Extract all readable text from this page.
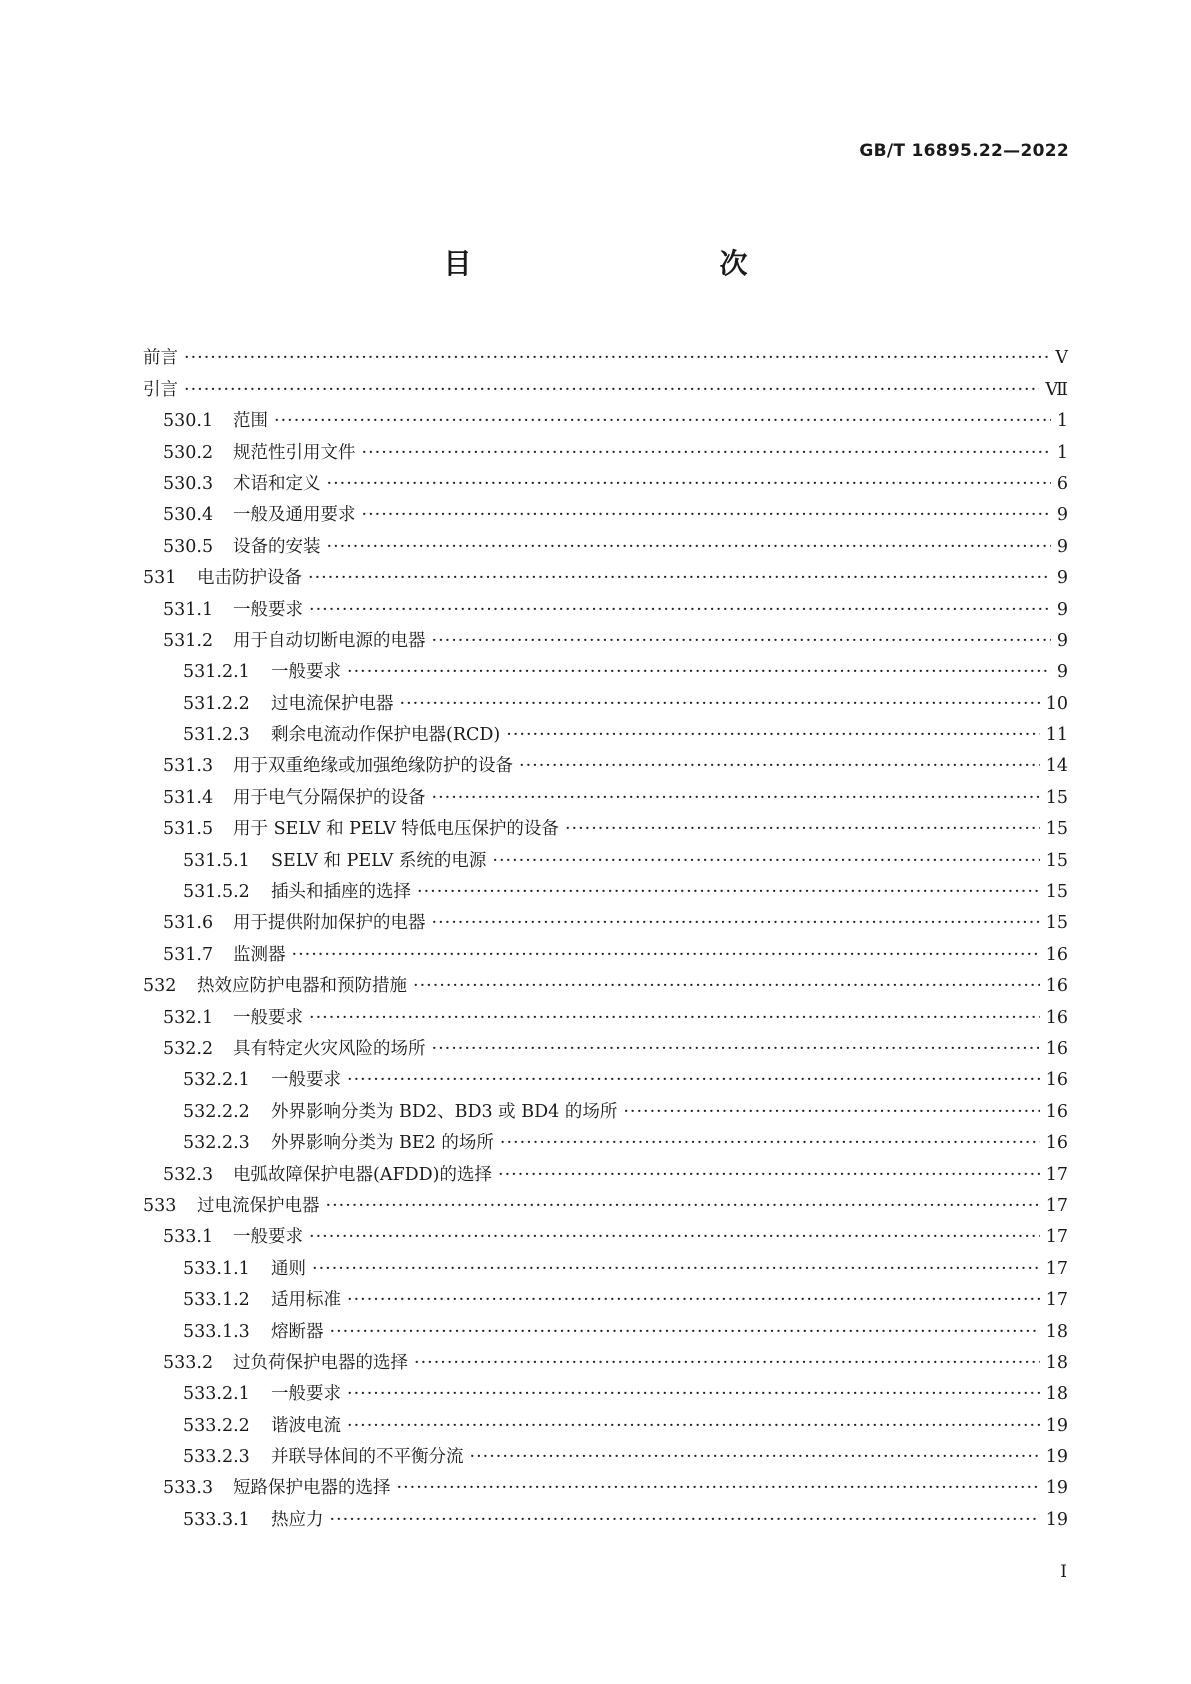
GB/T 16895.22—2022
目　　次
前言 ·····	Ⅴ
引言 ·····	Ⅶ
530.1	范围 ·····	1
530.2	规范性引用文件 ·····	1
530.3	术语和定义 ·····	6
530.4	一般及通用要求 ·····	9
530.5	设备的安装 ·····	9
531	电击防护设备 ·····	9
531.1	一般要求 ·····	9
531.2	用于自动切断电源的电器 ·····	9
531.2.1	一般要求 ·····	9
531.2.2	过电流保护电器 ·····	10
531.2.3	剩余电流动作保护电器(RCD) ·····	11
531.3	用于双重绝缘或加强绝缘防护的设备 ·····	14
531.4	用于电气分隔保护的设备 ·····	15
531.5	用于 SELV 和 PELV 特低电压保护的设备 ·····	15
531.5.1	SELV 和 PELV 系统的电源 ·····	15
531.5.2	插头和插座的选择 ·····	15
531.6	用于提供附加保护的电器 ·····	15
531.7	监测器 ·····	16
532	热效应防护电器和预防措施 ·····	16
532.1	一般要求 ·····	16
532.2	具有特定火灾风险的场所 ·····	16
532.2.1	一般要求 ·····	16
532.2.2	外界影响分类为 BD2、BD3 或 BD4 的场所 ·····	16
532.2.3	外界影响分类为 BE2 的场所 ·····	16
532.3	电弧故障保护电器(AFDD)的选择 ·····	17
533	过电流保护电器 ·····	17
533.1	一般要求 ·····	17
533.1.1	通则 ·····	17
533.1.2	适用标准 ·····	17
533.1.3	熔断器 ·····	18
533.2	过负荷保护电器的选择 ·····	18
533.2.1	一般要求 ·····	18
533.2.2	谐波电流 ·····	19
533.2.3	并联导体间的不平衡分流 ·····	19
533.3	短路保护电器的选择 ·····	19
533.3.1	热应力 ·····	19
Ⅰ
